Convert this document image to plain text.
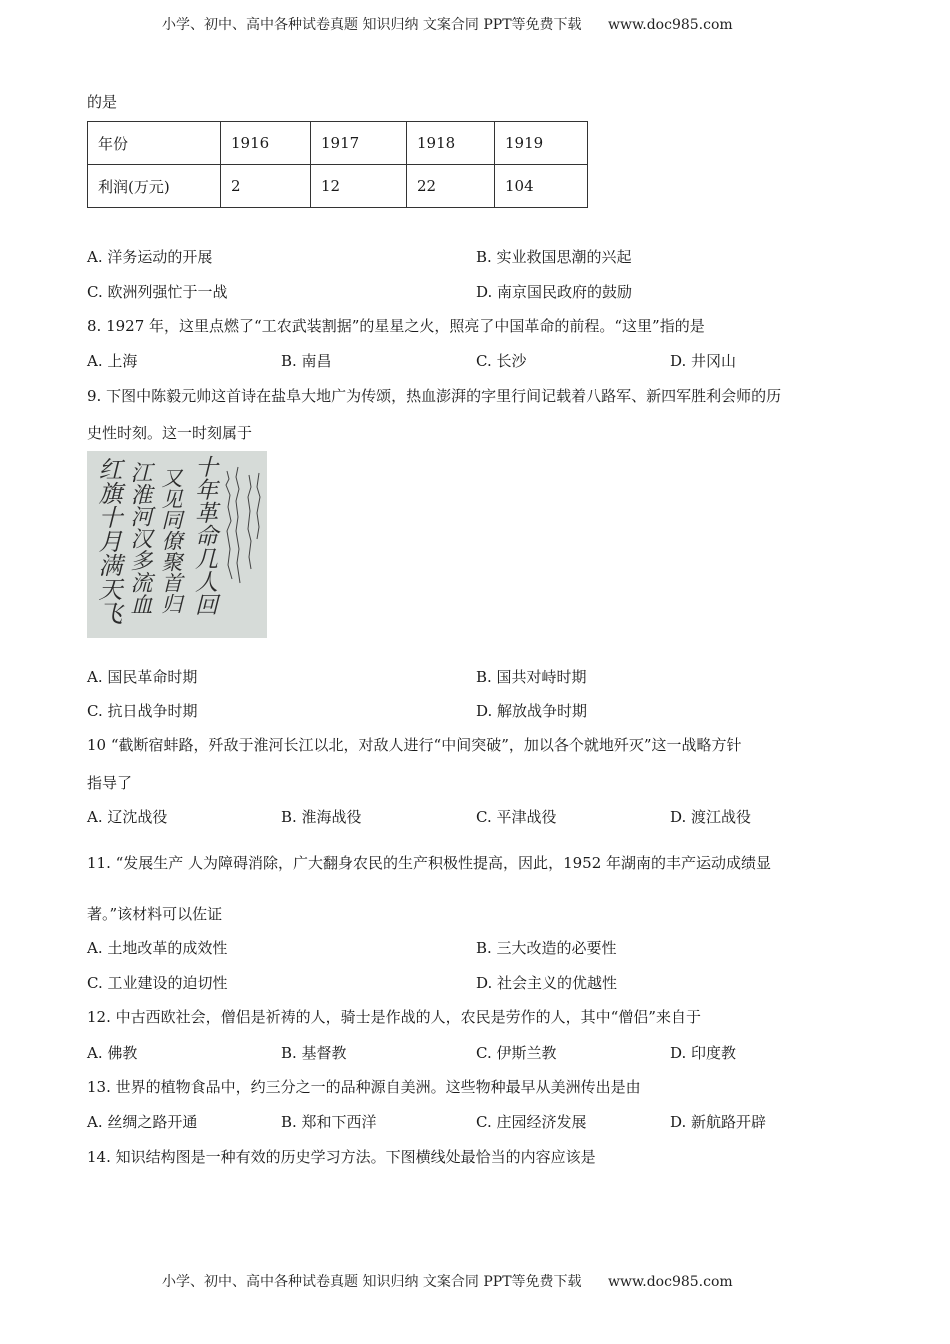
小学、初中、高中各种试卷真题 知识归纳 文案合同 PPT等免费下载 www.doc985.com
的是
年份	1916	1917	1918	1919
利润(万元)	2	12	22	104
A. 洋务运动的开展	B. 实业救国思潮的兴起
C. 欧洲列强忙于一战	D. 南京国民政府的鼓励
8. 1927 年，这里点燃了“工农武装割据”的星星之火，照亮了中国革命的前程。“这里”指的是
A. 上海	B. 南昌	C. 长沙	D. 井冈山
9. 下图中陈毅元帅这首诗在盐阜大地广为传颂，热血澎湃的字里行间记载着八路军、新四军胜利会师的历
史性时刻。这一时刻属于
红旗十月满天飞 江淮河汉多流血 又见同僚聚首归 十年革命几人回
A. 国民革命时期	B. 国共对峙时期
C. 抗日战争时期	D. 解放战争时期
10 “截断宿蚌路，歼敌于淮河长江以北，对敌人进行“中间突破”，加以各个就地歼灭”这一战略方针
指导了
A. 辽沈战役	B. 淮海战役	C. 平津战役	D. 渡江战役
11. “发展生产 人为障碍消除，广大翻身农民的生产积极性提高，因此，1952 年湖南的丰产运动成绩显
著。”该材料可以佐证
A. 土地改革的成效性	B. 三大改造的必要性
C. 工业建设的迫切性	D. 社会主义的优越性
12. 中古西欧社会，僧侣是祈祷的人，骑士是作战的人，农民是劳作的人，其中“僧侣”来自于
A. 佛教	B. 基督教	C. 伊斯兰教	D. 印度教
13. 世界的植物食品中，约三分之一的品种源自美洲。这些物种最早从美洲传出是由
A. 丝绸之路开通	B. 郑和下西洋	C. 庄园经济发展	D. 新航路开辟
14. 知识结构图是一种有效的历史学习方法。下图横线处最恰当的内容应该是
小学、初中、高中各种试卷真题 知识归纳 文案合同 PPT等免费下载 www.doc985.com
